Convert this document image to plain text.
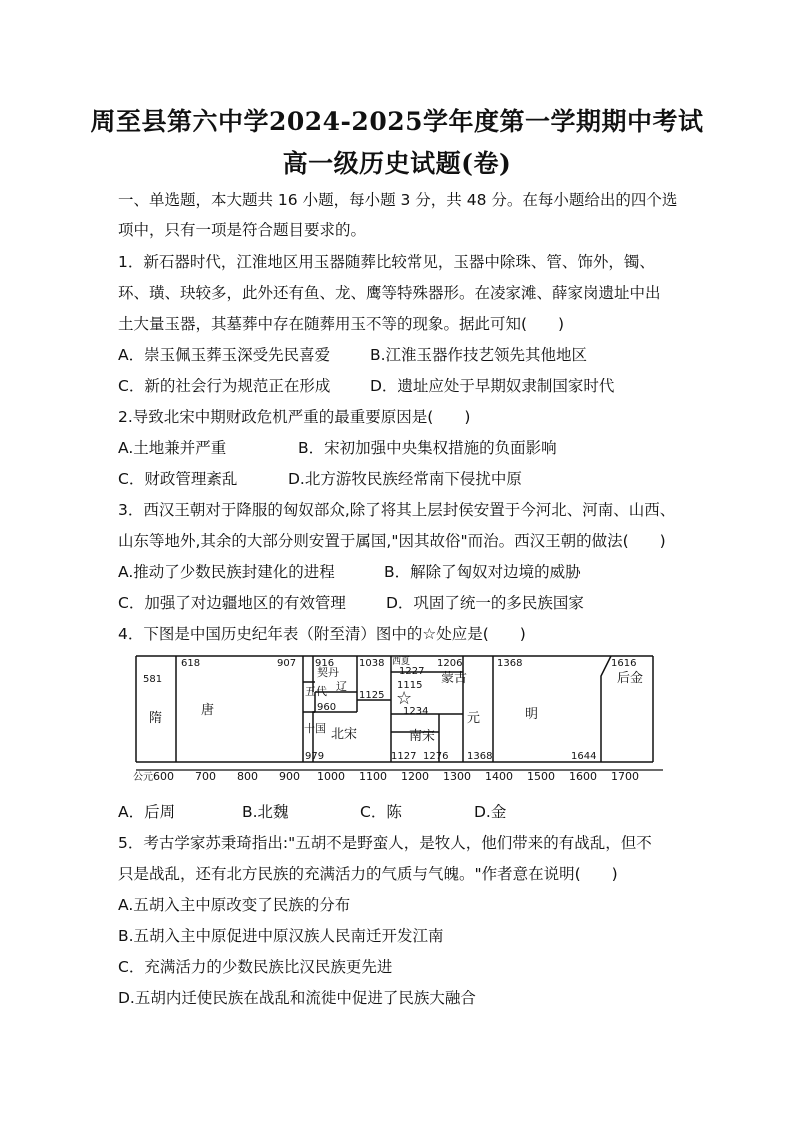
周至县第六中学2024-2025学年度第一学期期中考试
高一级历史试题(卷)
一、单选题，本大题共 16 小题，每小题 3 分，共 48 分。在每小题给出的四个选
项中，只有一项是符合题目要求的。
1．新石器时代，江淮地区用玉器随葬比较常见，玉器中除珠、管、饰外，镯、
环、璜、玦较多，此外还有鱼、龙、鹰等特殊器形。在凌家滩、薛家岗遗址中出
土大量玉器，其墓葬中存在随葬用玉不等的现象。据此可知(　　)
A．崇玉佩玉葬玉深受先民喜爱	B.江淮玉器作技艺领先其他地区
C．新的社会行为规范正在形成	D．遗址应处于早期奴隶制国家时代
2.导致北宋中期财政危机严重的最重要原因是(　　)
A.土地兼并严重	B．宋初加强中央集权措施的负面影响
C．财政管理紊乱	D.北方游牧民族经常南下侵扰中原
3．西汉王朝对于降服的匈奴部众,除了将其上层封侯安置于今河北、河南、山西、
山东等地外,其余的大部分则安置于属国,"因其故俗"而治。西汉王朝的做法(　　)
A.推动了少数民族封建化的进程	B．解除了匈奴对边境的威胁
C．加强了对边疆地区的有效管理	D．巩固了统一的多民族国家
4．下图是中国历史纪年表（附至清）图中的☆处应是(　　)
581
618	907 916 1038
1227
960
1125
1115
1234
979	1127 1276
1206
1368
1368
1644
1616
隋
唐
五代
十国
契丹
辽
西夏
北宋	南宋
蒙古
元	明
后金
☆
公元 600 700 800 900 1000 1100 1200 1300 1400 1500 1600 1700
A．后周	B.北魏	C．陈	D.金
5．考古学家苏秉琦指出:"五胡不是野蛮人，是牧人，他们带来的有战乱，但不
只是战乱，还有北方民族的充满活力的气质与气魄。"作者意在说明(　　)
A.五胡入主中原改变了民族的分布
B.五胡入主中原促进中原汉族人民南迁开发江南
C．充满活力的少数民族比汉民族更先进
D.五胡内迁使民族在战乱和流徙中促进了民族大融合
